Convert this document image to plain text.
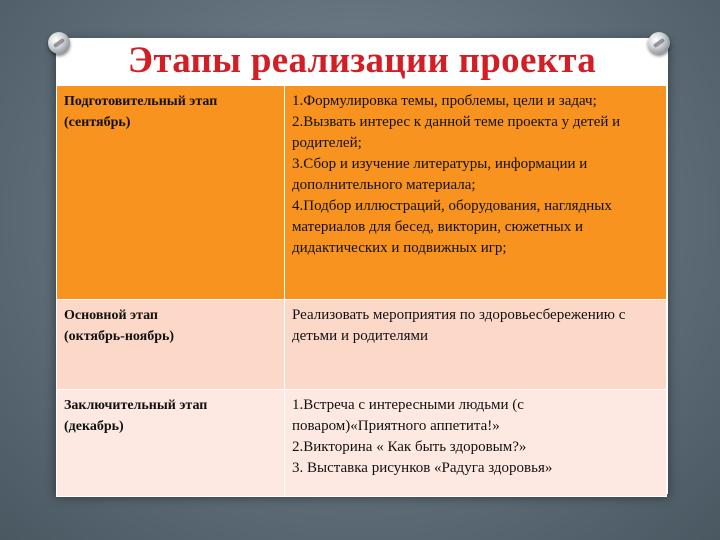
Этапы реализации проекта
Подготовительный этап
(сентябрь)	1.Формулировка темы, проблемы, цели и задач;
2.Вызвать интерес к данной теме проекта у детей и родителей;
3.Сбор и изучение литературы, информации и дополнительного материала;
4.Подбор иллюстраций, оборудования, наглядных материалов для бесед, викторин, сюжетных и дидактических и подвижных игр;

Основной этап
(октябрь-ноябрь)	Реализовать мероприятия по здоровьесбережению с детьми и родителями

Заключительный этап
(декабрь)	1.Встреча с интересными людьми (с поваром)«Приятного аппетита!»
2.Викторина « Как быть здоровым?»
3. Выставка рисунков «Радуга здоровья»
